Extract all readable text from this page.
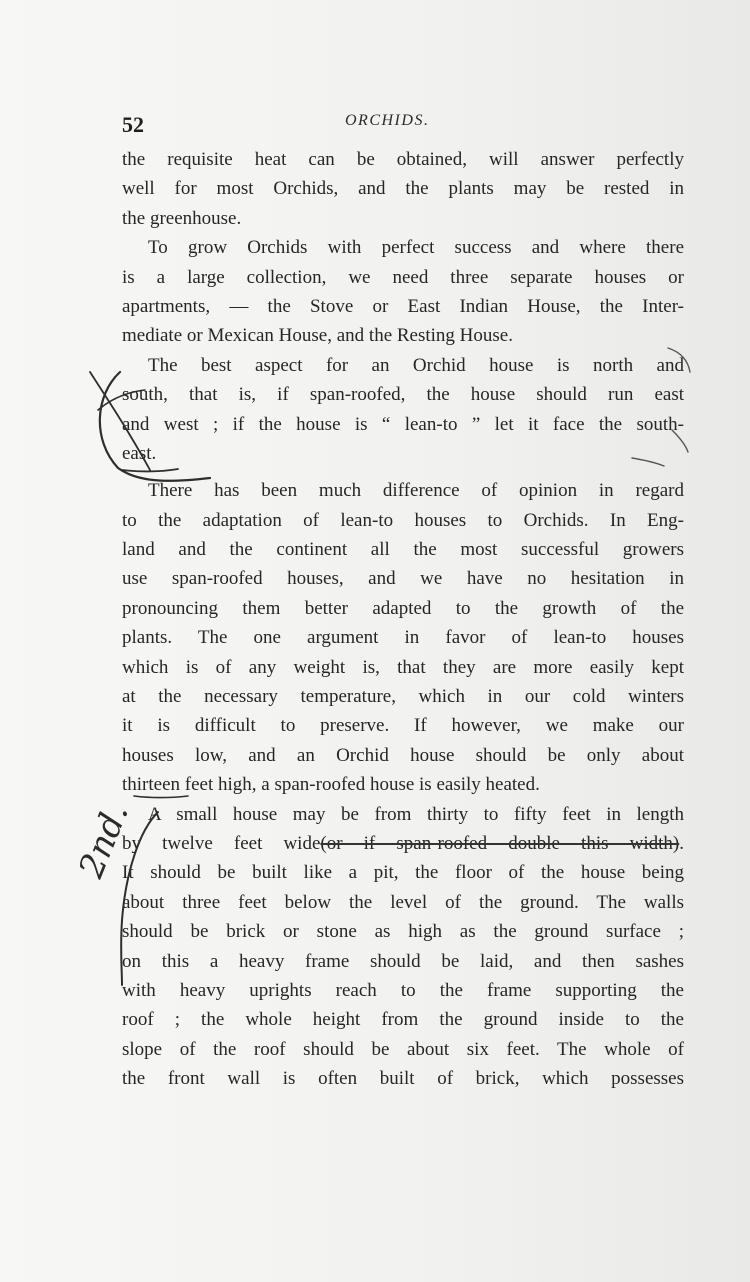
52	ORCHIDS.
the requisite heat can be obtained, will answer perfectly
well for most Orchids, and the plants may be rested in
the greenhouse.
To grow Orchids with perfect success and where there
is a large collection, we need three separate houses or
apartments, — the Stove or East Indian House, the Inter-
mediate or Mexican House, and the Resting House.
The best aspect for an Orchid house is north and
south, that is, if span-roofed, the house should run east
and west ; if the house is “ lean-to ” let it face the south-
east.
There has been much difference of opinion in regard
to the adaptation of lean-to houses to Orchids. In Eng-
land and the continent all the most successful growers
use span-roofed houses, and we have no hesitation in
pronouncing them better adapted to the growth of the
plants. The one argument in favor of lean-to houses
which is of any weight is, that they are more easily kept
at the necessary temperature, which in our cold winters
it is difficult to preserve. If however, we make our
houses low, and an Orchid house should be only about
thirteen feet high, a span-roofed house is easily heated.
A small house may be from thirty to fifty feet in length
by twelve feet wide(or if span-roofed double this width).
It should be built like a pit, the floor of the house being
about three feet below the level of the ground. The walls
should be brick or stone as high as the ground surface ;
on this a heavy frame should be laid, and then sashes
with heavy uprights reach to the frame supporting the
roof ; the whole height from the ground inside to the
slope of the roof should be about six feet. The whole of
the front wall is often built of brick, which possesses
2nd.
